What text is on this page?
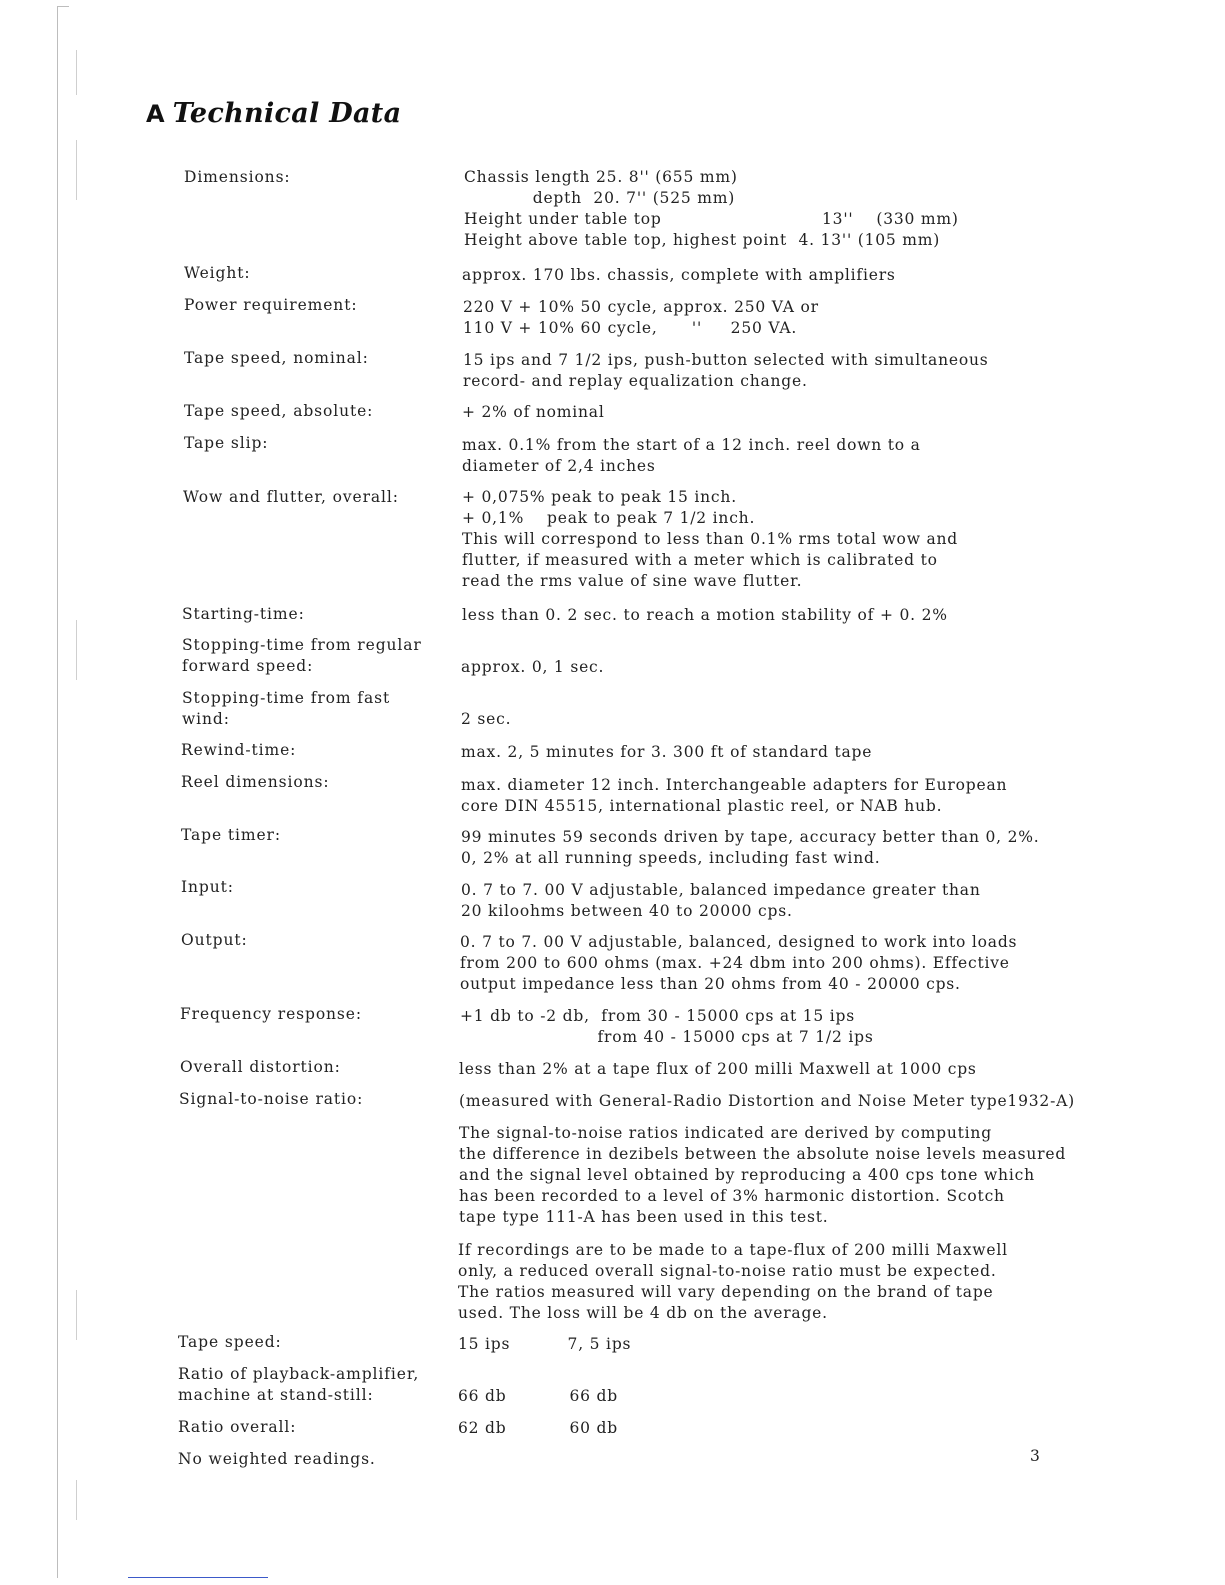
A Technical Data
Dimensions:	Chassis length 25. 8'' (655 mm)
depth  20. 7'' (525 mm)
Height under table top                            13''    (330 mm)
Height above table top, highest point  4. 13'' (105 mm)
Weight:	approx. 170 lbs. chassis, complete with amplifiers
Power requirement:	220 V + 10% 50 cycle, approx. 250 VA or
110 V + 10% 60 cycle,      ''     250 VA.
Tape speed, nominal:	15 ips and 7 1/2 ips, push-button selected with simultaneous
record- and replay equalization change.
Tape speed, absolute:	+ 2% of nominal
Tape slip:	max. 0.1% from the start of a 12 inch. reel down to a
diameter of 2,4 inches
Wow and flutter, overall:	+ 0,075% peak to peak 15 inch.
+ 0,1%    peak to peak 7 1/2 inch.
This will correspond to less than 0.1% rms total wow and
flutter, if measured with a meter which is calibrated to
read the rms value of sine wave flutter.
Starting-time:	less than 0. 2 sec. to reach a motion stability of + 0. 2%
Stopping-time from regular
forward speed:	approx. 0, 1 sec.
Stopping-time from fast
wind:	2 sec.
Rewind-time:	max. 2, 5 minutes for 3. 300 ft of standard tape
Reel dimensions:	max. diameter 12 inch. Interchangeable adapters for European
core DIN 45515, international plastic reel, or NAB hub.
Tape timer:	99 minutes 59 seconds driven by tape, accuracy better than 0, 2%.
0, 2% at all running speeds, including fast wind.
Input:	0. 7 to 7. 00 V adjustable, balanced impedance greater than
20 kiloohms between 40 to 20000 cps.
Output:	0. 7 to 7. 00 V adjustable, balanced, designed to work into loads
from 200 to 600 ohms (max. +24 dbm into 200 ohms). Effective
output impedance less than 20 ohms from 40 - 20000 cps.
Frequency response:	+1 db to -2 db,  from 30 - 15000 cps at 15 ips
from 40 - 15000 cps at 7 1/2 ips
Overall distortion:	less than 2% at a tape flux of 200 milli Maxwell at 1000 cps
Signal-to-noise ratio:	(measured with General-Radio Distortion and Noise Meter type1932-A)
The signal-to-noise ratios indicated are derived by computing
the difference in dezibels between the absolute noise levels measured
and the signal level obtained by reproducing a 400 cps tone which
has been recorded to a level of 3% harmonic distortion. Scotch
tape type 111-A has been used in this test.
If recordings are to be made to a tape-flux of 200 milli Maxwell
only, a reduced overall signal-to-noise ratio must be expected.
The ratios measured will vary depending on the brand of tape
used. The loss will be 4 db on the average.
Tape speed:	15 ips          7, 5 ips
Ratio of playback-amplifier,
machine at stand-still:	66 db           66 db
Ratio overall:	62 db           60 db
No weighted readings.	3
